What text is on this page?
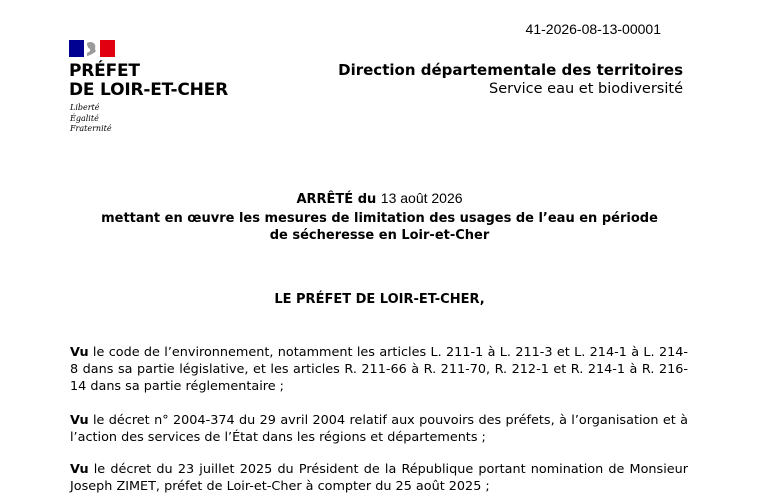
41-2026-08-13-00001
PRÉFET
DE LOIR-ET-CHER
Liberté
Égalité
Fraternité
Direction départementale des territoires
Service eau et biodiversité
ARRÊTÉ du 13 août 2026
mettant en œuvre les mesures de limitation des usages de l’eau en période
de sécheresse en Loir-et-Cher
LE PRÉFET DE LOIR-ET-CHER,
Vu le code de l’environnement, notamment les articles L. 211-1 à L. 211-3 et L. 214-1 à L. 214-8 dans sa partie législative, et les articles R. 211-66 à R. 211-70, R. 212-1 et R. 214-1 à R. 216-14 dans sa partie réglementaire ;
Vu le décret n° 2004-374 du 29 avril 2004 relatif aux pouvoirs des préfets, à l’organisation et à l’action des services de l’État dans les régions et départements ;
Vu le décret du 23 juillet 2025 du Président de la République portant nomination de Monsieur Joseph ZIMET, préfet de Loir-et-Cher à compter du 25 août 2025 ;
